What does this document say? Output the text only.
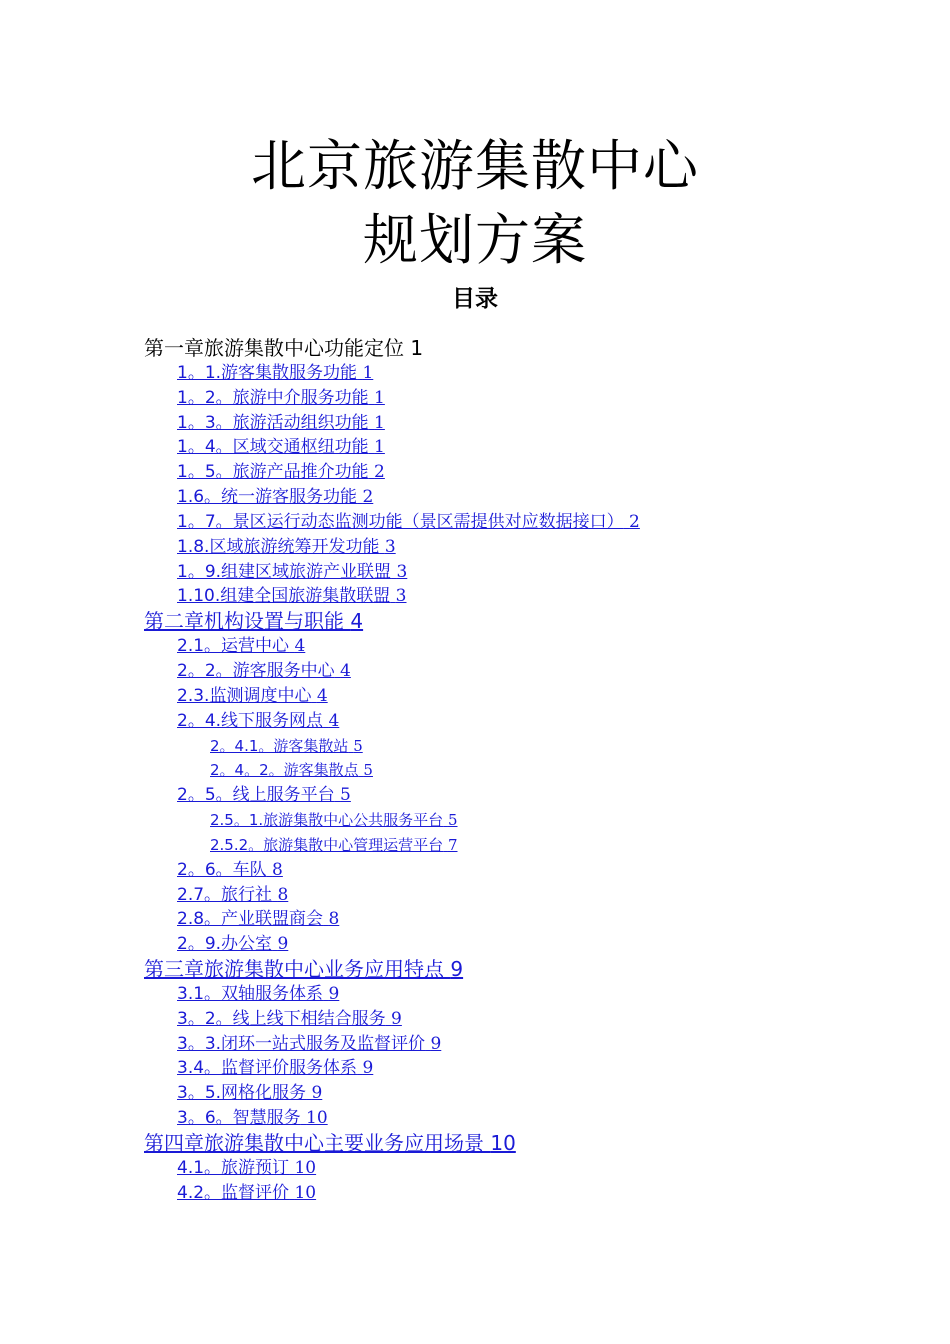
北京旅游集散中心
规划方案
目录
第一章旅游集散中心功能定位 1
1。1.游客集散服务功能 1
1。2。旅游中介服务功能 1
1。3。旅游活动组织功能 1
1。4。区域交通枢纽功能 1
1。5。旅游产品推介功能 2
1.6。统一游客服务功能 2
1。7。景区运行动态监测功能（景区需提供对应数据接口） 2
1.8.区域旅游统筹开发功能 3
1。9.组建区域旅游产业联盟 3
1.10.组建全国旅游集散联盟 3
第二章机构设置与职能 4
2.1。运营中心 4
2。2。游客服务中心 4
2.3.监测调度中心 4
2。4.线下服务网点 4
2。4.1。游客集散站 5
2。4。2。游客集散点 5
2。5。线上服务平台 5
2.5。1.旅游集散中心公共服务平台 5
2.5.2。旅游集散中心管理运营平台 7
2。6。车队 8
2.7。旅行社 8
2.8。产业联盟商会 8
2。9.办公室 9
第三章旅游集散中心业务应用特点 9
3.1。双轴服务体系 9
3。2。线上线下相结合服务 9
3。3.闭环一站式服务及监督评价 9
3.4。监督评价服务体系 9
3。5.网格化服务 9
3。6。智慧服务 10
第四章旅游集散中心主要业务应用场景 10
4.1。旅游预订 10
4.2。监督评价 10
